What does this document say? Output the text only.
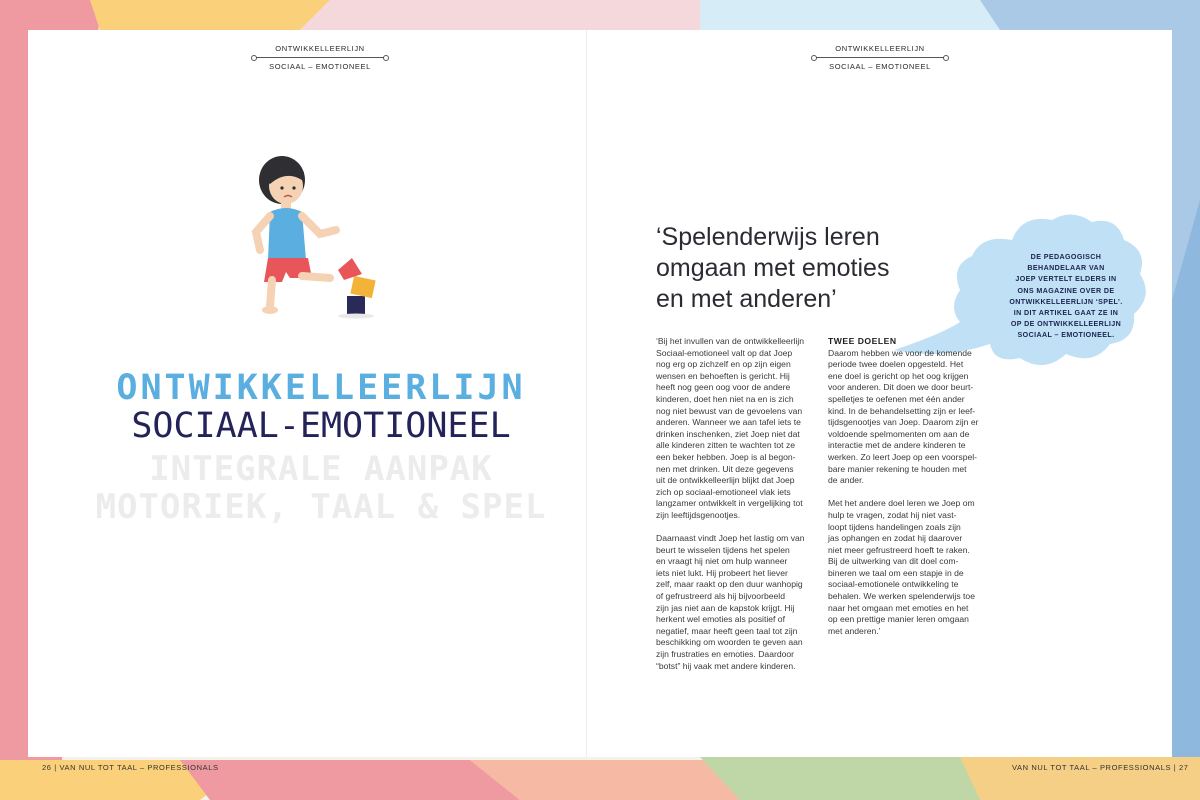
ONTWIKKELLEERLIJN
SOCIAAL – EMOTIONEEL
ONTWIKKELLEERLIJN
SOCIAAL-EMOTIONEEL
INTEGRALE AANPAK
MOTORIEK, TAAL & SPEL
ONTWIKKELLEERLIJN
SOCIAAL – EMOTIONEEL
‘Spelenderwijs leren
omgaan met emoties
en met anderen’
DE PEDAGOGISCH
BEHANDELAAR VAN
JOEP VERTELT ELDERS IN
ONS MAGAZINE OVER DE
ONTWIKKELLEERLIJN ‘SPEL’.
IN DIT ARTIKEL GAAT ZE IN
OP DE ONTWIKKELLEERLIJN
SOCIAAL – EMOTIONEEL.

‘Bij het invullen van de ontwikkelleerlijn
Sociaal-emotioneel valt op dat Joep
nog erg op zichzelf en op zijn eigen
wensen en behoeften is gericht. Hij
heeft nog geen oog voor de andere
kinderen, doet hen niet na en is zich
nog niet bewust van de gevoelens van
anderen. Wanneer we aan tafel iets te
drinken inschenken, ziet Joep niet dat
alle kinderen zitten te wachten tot ze
een beker hebben. Joep is al begon-
nen met drinken. Uit deze gegevens
uit de ontwikkelleerlijn blijkt dat Joep
zich op sociaal-emotioneel vlak iets
langzamer ontwikkelt in vergelijking tot
zijn leeftijdsgenootjes.

Daarnaast vindt Joep het lastig om van
beurt te wisselen tijdens het spelen
en vraagt hij niet om hulp wanneer
iets niet lukt. Hij probeert het liever
zelf, maar raakt op den duur wanhopig
of gefrustreerd als hij bijvoorbeeld
zijn jas niet aan de kapstok krijgt. Hij
herkent wel emoties als positief of
negatief, maar heeft geen taal tot zijn
beschikking om woorden te geven aan
zijn frustraties en emoties. Daardoor
“botst” hij vaak met andere kinderen.

TWEE DOELEN

Daarom hebben we voor de komende
periode twee doelen opgesteld. Het
ene doel is gericht op het oog krijgen
voor anderen. Dit doen we door beurt-
spelletjes te oefenen met één ander
kind. In de behandelsetting zijn er leef-
tijdsgenootjes van Joep. Daarom zijn er
voldoende spelmomenten om aan de
interactie met de andere kinderen te
werken. Zo leert Joep op een voorspel-
bare manier rekening te houden met
de ander.

Met het andere doel leren we Joep om
hulp te vragen, zodat hij niet vast-
loopt tijdens handelingen zoals zijn
jas ophangen en zodat hij daarover
niet meer gefrustreerd hoeft te raken.
Bij de uitwerking van dit doel com-
bineren we taal om een stapje in de
sociaal-emotionele ontwikkeling te
behalen. We werken spelenderwijs toe
naar het omgaan met emoties en het
op een prettige manier leren omgaan
met anderen.’

26 | VAN NUL TOT TAAL – PROFESSIONALS	VAN NUL TOT TAAL – PROFESSIONALS | 27
